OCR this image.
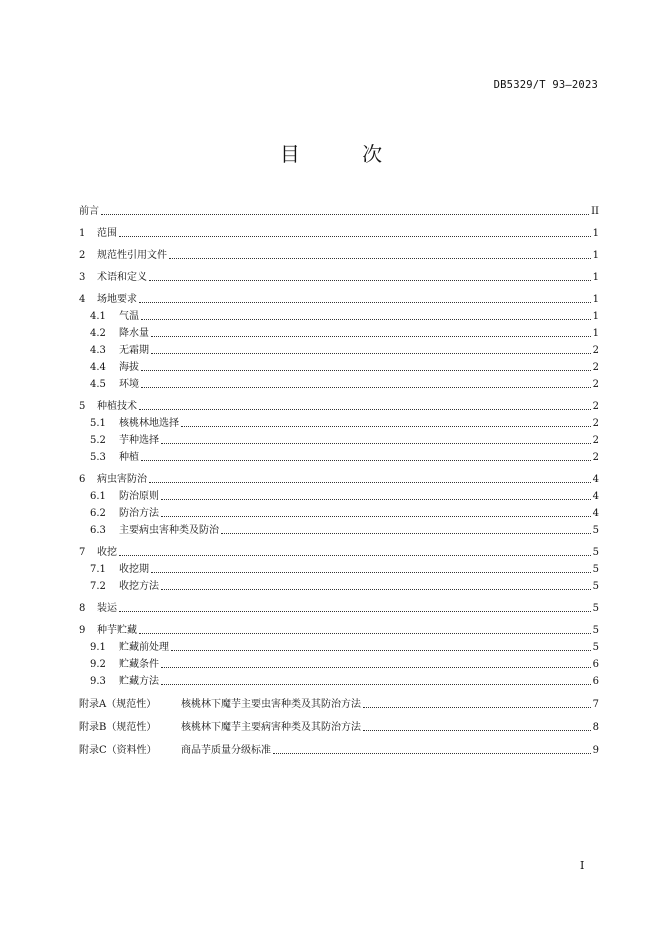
DB5329/T 93—2023
目 次
前言	II
1	范围	1
2	规范性引用文件	1
3	术语和定义	1
4	场地要求	1
4.1	气温	1
4.2	降水量	1
4.3	无霜期	2
4.4	海拔	2
4.5	环境	2
5	种植技术	2
5.1	核桃林地选择	2
5.2	芋种选择	2
5.3	种植	2
6	病虫害防治	4
6.1	防治原则	4
6.2	防治方法	4
6.3	主要病虫害种类及防治	5
7	收挖	5
7.1	收挖期	5
7.2	收挖方法	5
8	装运	5
9	种芋贮藏	5
9.1	贮藏前处理	5
9.2	贮藏条件	6
9.3	贮藏方法	6
附录A（规范性）	核桃林下魔芋主要虫害种类及其防治方法	7
附录B（规范性）	核桃林下魔芋主要病害种类及其防治方法	8
附录C（资料性）	商品芋质量分级标准	9
I
